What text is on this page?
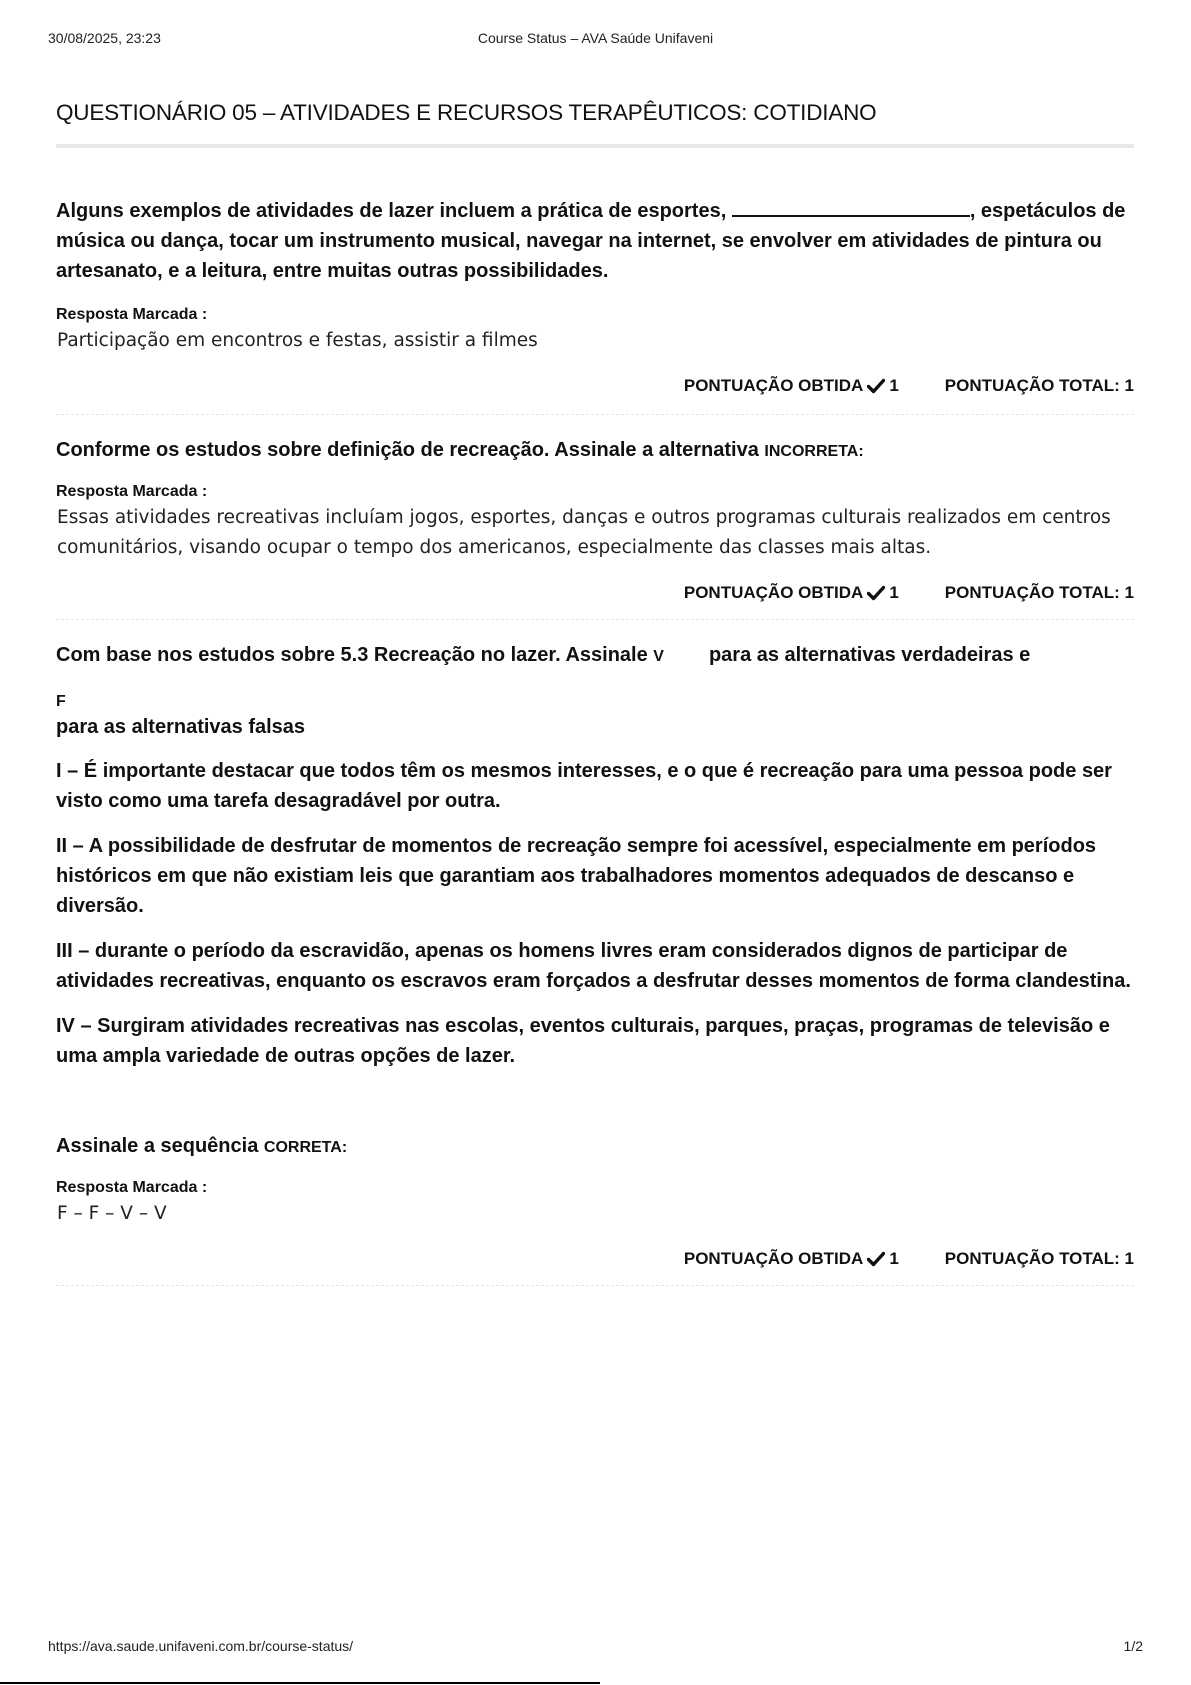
30/08/2025, 23:23	Course Status – AVA Saúde Unifaveni
QUESTIONÁRIO 05 – ATIVIDADES E RECURSOS TERAPÊUTICOS: COTIDIANO

Alguns exemplos de atividades de lazer incluem a prática de esportes,	, espetáculos de música ou dança, tocar um instrumento musical, navegar na internet, se envolver em atividades de pintura ou artesanato, e a leitura, entre muitas outras possibilidades.

Resposta Marcada :

Participação em encontros e festas, assistir a filmes

PONTUAÇÃO OBTIDA 1	PONTUAÇÃO TOTAL: 1

Conforme os estudos sobre definição de recreação. Assinale a alternativa INCORRETA:

Resposta Marcada :

Essas atividades recreativas incluíam jogos, esportes, danças e outros programas culturais realizados em centros comunitários, visando ocupar o tempo dos americanos, especialmente das classes mais altas.

PONTUAÇÃO OBTIDA 1	PONTUAÇÃO TOTAL: 1

Com base nos estudos sobre 5.3 Recreação no lazer. Assinale V para as alternativas verdadeiras e

F

para as alternativas falsas

I – É importante destacar que todos têm os mesmos interesses, e o que é recreação para uma pessoa pode ser visto como uma tarefa desagradável por outra.

II – A possibilidade de desfrutar de momentos de recreação sempre foi acessível, especialmente em períodos históricos em que não existiam leis que garantiam aos trabalhadores momentos adequados de descanso e diversão.

III – durante o período da escravidão, apenas os homens livres eram considerados dignos de participar de atividades recreativas, enquanto os escravos eram forçados a desfrutar desses momentos de forma clandestina.

IV – Surgiram atividades recreativas nas escolas, eventos culturais, parques, praças, programas de televisão e uma ampla variedade de outras opções de lazer.

Assinale a sequência CORRETA:

Resposta Marcada :

F – F – V – V

PONTUAÇÃO OBTIDA 1	PONTUAÇÃO TOTAL: 1
https://ava.saude.unifaveni.com.br/course-status/	1/2
